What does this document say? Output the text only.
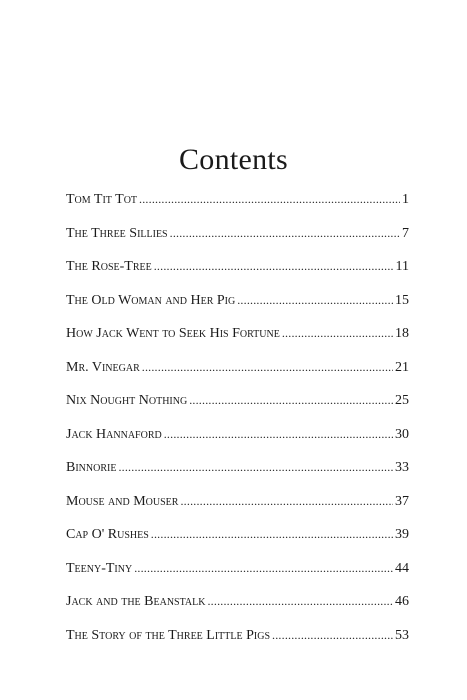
Contents
Tom Tit Tot .....	1
The Three Sillies .....	7
The Rose-Tree .....	11
The Old Woman and Her Pig .....	15
How Jack Went to Seek His Fortune .....	18
Mr. Vinegar .....	21
Nix Nought Nothing .....	25
Jack Hannaford .....	30
Binnorie .....	33
Mouse and Mouser .....	37
Cap O' Rushes .....	39
Teeny-Tiny .....	44
Jack and the Beanstalk .....	46
The Story of the Three Little Pigs .....	53
